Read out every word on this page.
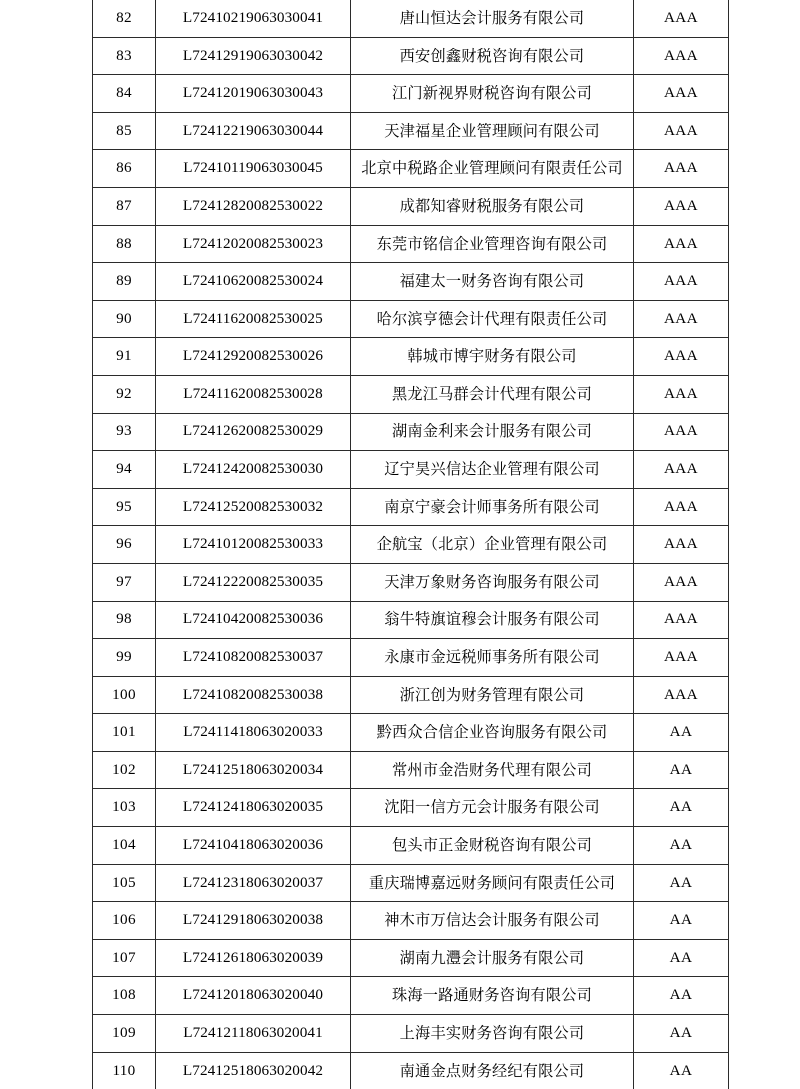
82	L72410219063030041	唐山恒达会计服务有限公司	AAA
83	L72412919063030042	西安创鑫财税咨询有限公司	AAA
84	L72412019063030043	江门新视界财税咨询有限公司	AAA
85	L72412219063030044	天津福星企业管理顾问有限公司	AAA
86	L72410119063030045	北京中税路企业管理顾问有限责任公司	AAA
87	L72412820082530022	成都知睿财税服务有限公司	AAA
88	L72412020082530023	东莞市铭信企业管理咨询有限公司	AAA
89	L72410620082530024	福建太一财务咨询有限公司	AAA
90	L72411620082530025	哈尔滨亨德会计代理有限责任公司	AAA
91	L72412920082530026	韩城市博宇财务有限公司	AAA
92	L72411620082530028	黑龙江马群会计代理有限公司	AAA
93	L72412620082530029	湖南金利来会计服务有限公司	AAA
94	L72412420082530030	辽宁昊兴信达企业管理有限公司	AAA
95	L72412520082530032	南京宁豪会计师事务所有限公司	AAA
96	L72410120082530033	企航宝（北京）企业管理有限公司	AAA
97	L72412220082530035	天津万象财务咨询服务有限公司	AAA
98	L72410420082530036	翁牛特旗谊穆会计服务有限公司	AAA
99	L72410820082530037	永康市金远税师事务所有限公司	AAA
100	L72410820082530038	浙江创为财务管理有限公司	AAA
101	L72411418063020033	黔西众合信企业咨询服务有限公司	AA
102	L72412518063020034	常州市金浩财务代理有限公司	AA
103	L72412418063020035	沈阳一信方元会计服务有限公司	AA
104	L72410418063020036	包头市正金财税咨询有限公司	AA
105	L72412318063020037	重庆瑞博嘉远财务顾问有限责任公司	AA
106	L72412918063020038	神木市万信达会计服务有限公司	AA
107	L72412618063020039	湖南九灃会计服务有限公司	AA
108	L72412018063020040	珠海一路通财务咨询有限公司	AA
109	L72412118063020041	上海丰实财务咨询有限公司	AA
110	L72412518063020042	南通金点财务经纪有限公司	AA
